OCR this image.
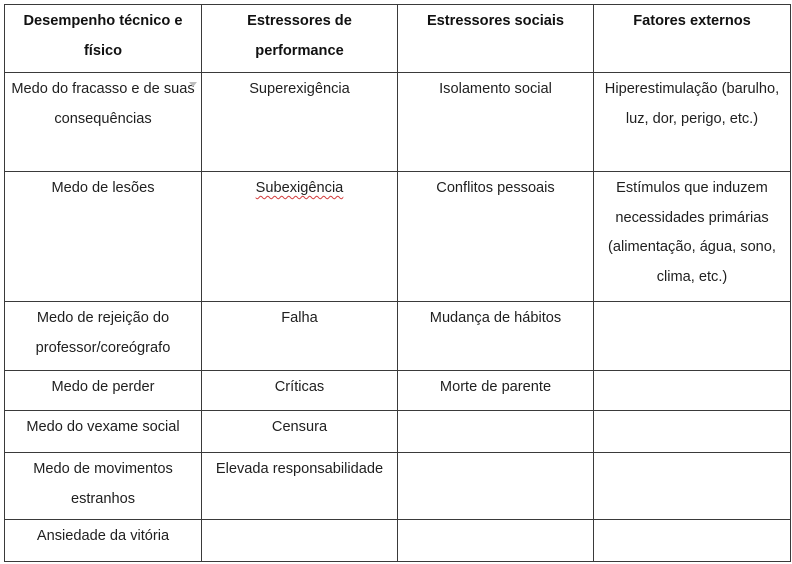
Desempenho técnico e físico	Estressores de performance	Estressores sociais	Fatores externos
Medo do fracasso e de suas consequências	Superexigência	Isolamento social	Hiperestimulação (barulho, luz, dor, perigo, etc.)
Medo de lesões	Subexigência	Conflitos pessoais	Estímulos que induzem necessidades primárias (alimentação, água, sono, clima, etc.)
Medo de rejeição do professor/coreógrafo	Falha	Mudança de hábitos	
Medo de perder	Críticas	Morte de parente	
Medo do vexame social	Censura		
Medo de movimentos estranhos	Elevada responsabilidade		
Ansiedade da vitória			
